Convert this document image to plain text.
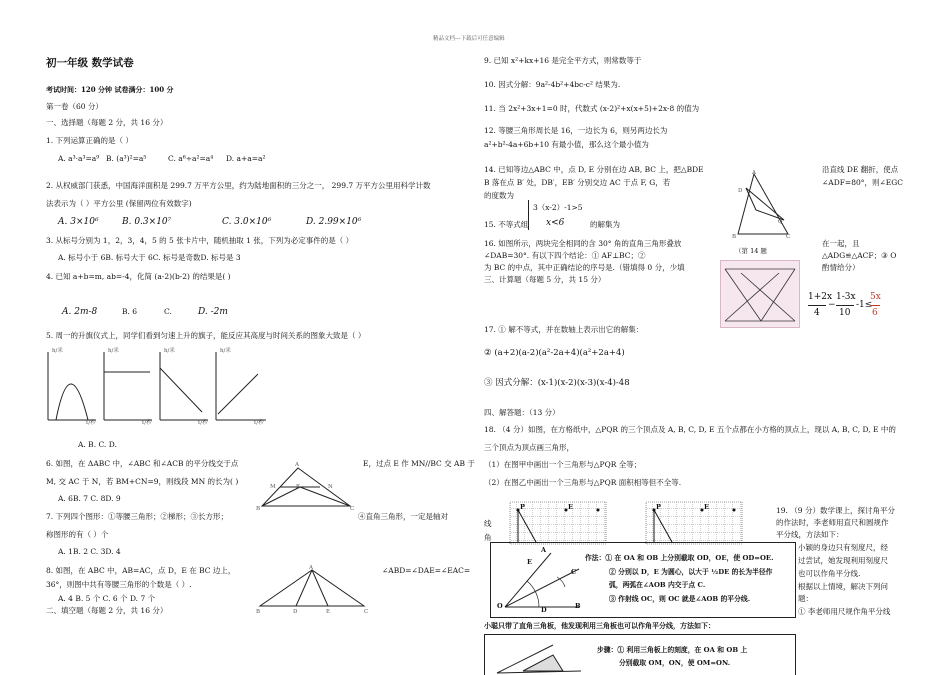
精品文档---下载后可任意编辑
初一年级 数学试卷
考试时间：120 分钟 试卷满分：100 分
第一卷（60 分）
一、选择题（每题 2 分，共 16 分）
1. 下列运算正确的是（ ）
A. a³·a³=a⁹ B. (a³)²=a⁵	C. a⁶÷a²=a⁴ D. a+a=a²
2. 从权威部门获悉，中国海洋面积是 299.7 万平方公里，约为陆地面积的三分之一， 299.7 万平方公里用科学计数
法表示为（ ）平方公里 (保留两位有效数字)
A. 3×10⁶	B. 0.3×10⁷	C. 3.0×10⁶	D. 2.99×10⁶
3. 从标号分别为 1，2，3，4，5 的 5 张卡片中，随机抽取 1 张，下列为必定事件的是（ ）
A. 标号小于 6B. 标号大于 6C. 标号是奇数D. 标号是 3
4. 已知 a+b=m, ab=-4，化简 (a-2)(b-2) 的结果是( )
A. 2m-8	B. 6	C.	D. -2m
5. 周一的升旗仪式上，同学们看到匀速上升的旗子，能反应其高度与时间关系的图象大致是（ ）
h/米	h/米	h/米	h/米
t/秒	t/秒	t/秒	t/秒
A. B. C. D.
6. 如图，在 ΔABC 中，∠ABC 和∠ACB 的平分线交于点	E，过点 E 作 MN//BC 交 AB 于
M, 交 AC 于 N，若 BM+CN=9，则线段 MN 的长为( )
A. 6B. 7 C. 8D. 9
A
M	E	N
B	C
7. 下列四个图形：①等腰三角形；②梯形；③长方形；	④直角三角形，一定是轴对
称图形的有（ ）个
A. 1B. 2 C. 3D. 4
8. 如图，在 ABC 中，AB=AC，点 D，E 在 BC 边上，	∠ABD=∠DAE=∠EAC=
36°，则图中共有等腰三角形的个数是（ ）.
A. 4 B. 5 个 C. 6 个 D. 7 个
二、填空题（每题 2 分，共 16 分）
A
B	D	E	C
9. 已知 x²+kx+16 是完全平方式，则常数等于
10. 因式分解：9a²-4b²+4bc-c² 结果为.
11. 当 2x²+3x+1=0 时，代数式 (x-2)²+x(x+5)+2x-8 的值为
12. 等腰三角形周长是 16，一边长为 6，则另两边长为
a²+b²-4a+6b+10 有最小值，那么这个最小值为
14. 已知等边△ABC 中，点 D, E 分别在边 AB, BC 上，把△BDE	沿直线 DE 翻折，使点
B 落在点 B′ 处，DB′，EB′ 分别交边 AC 于点 F, G，若	∠ADF=80°，则∠EGC
的度数为
A
D
Q
B	C
（第 14 题
15. 不等式组
3（x-2）-1>5
x<6	的解集为
16. 如图所示，两块完全相同的含 30° 角的直角三角形叠放	在一起，且
∠DAB=30°. 有以下四个结论：① AF⊥BC；②	△ADG≌△ACF；③ O
为 BC 的中点，其中正确结论的序号是.（错填得 0 分，少填	酌情给分）
三、计算题（每题 5 分，共 15 分）
1+2x
4
−
1-3x
10
-1≤
5x
6
17. ① 解不等式，并在数轴上表示出它的解集：
② (a+2)(a-2)(a²-2a+4)(a²+2a+4)
③ 因式分解：(x-1)(x-2)(x-3)(x-4)-48
四、解答题：（13 分）
18. （4 分）如图，在方格纸中，△PQR 的三个顶点及 A, B, C, D, E 五个点都在小方格的顶点上，现以 A, B, C, D, E 中的
三个顶点为顶点画三角形，
（1）在图甲中画出一个三角形与△PQR 全等；
（2）在图乙中画出一个三角形与△PQR 面积相等但不全等.
P	E	P	E
线
角
19. （9 分）数学课上，探讨角平分
的作法时，李老师用直尺和圆规作
平分线，方法如下：
小颖的身边只有刻度尺，经
过尝试，她发现利用刻度尺
也可以作角平分线.
根据以上情境，解决下列问
题：
① 李老师用尺规作角平分线
A
E
C
O	D	B
作法：① 在 OA 和 OB 上分别截取 OD，OE，使 OD=OE.
② 分别以 D，E 为圆心，以大于 ½DE 的长为半径作
弧，两弧在∠AOB 内交于点 C.
③ 作射线 OC，则 OC 就是∠AOB 的平分线.
小聪只带了直角三角板，他发现利用三角板也可以作角平分线，方法如下：
步骤：① 利用三角板上的刻度，在 OA 和 OB 上
分别截取 OM，ON，使 OM=ON.
